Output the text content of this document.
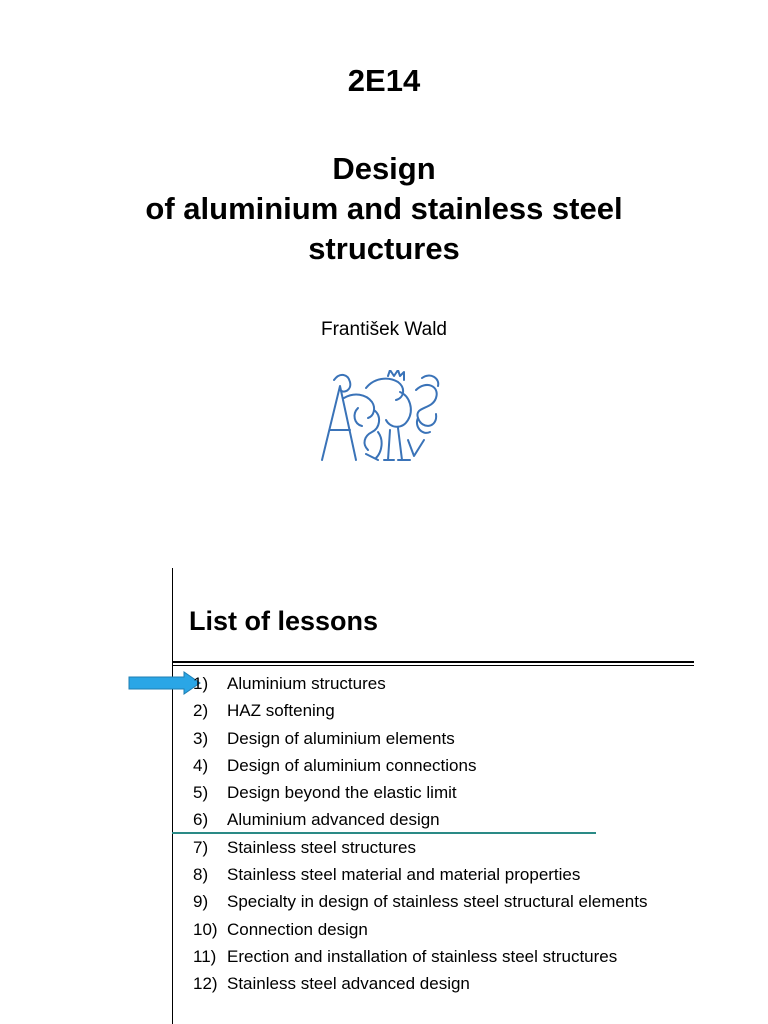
2E14
Design
of aluminium and stainless steel
structures
František Wald
List of lessons
1) Aluminium structures
2) HAZ softening
3) Design of aluminium elements
4) Design of aluminium connections
5) Design beyond the elastic limit
6) Aluminium advanced design
7) Stainless steel structures
8) Stainless steel material and material properties
9) Specialty in design of stainless steel structural elements
10) Connection design
11) Erection and installation of stainless steel structures
12) Stainless steel advanced design
